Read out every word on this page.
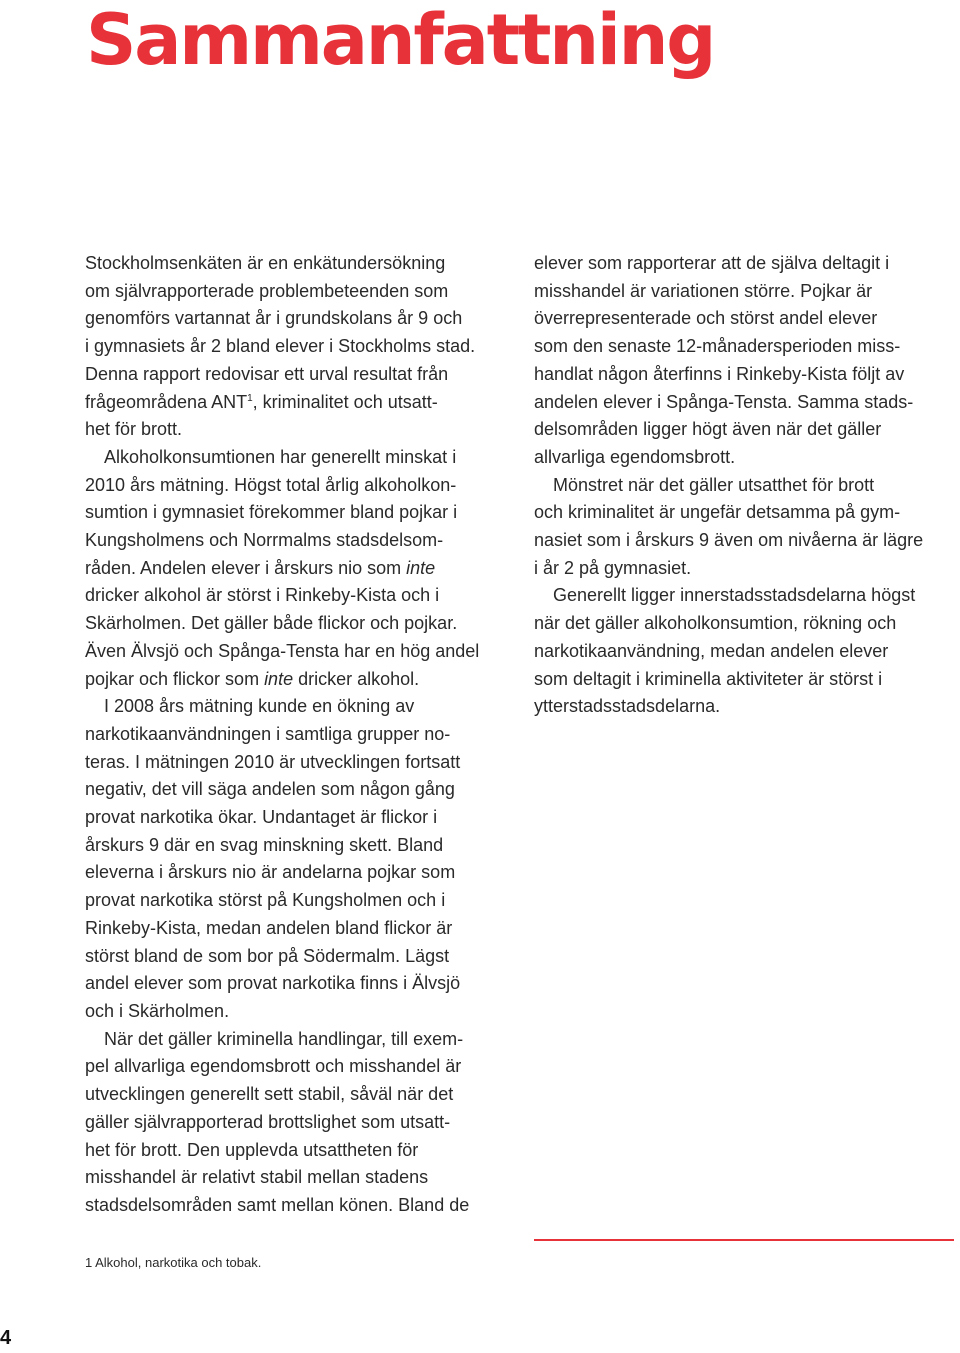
Sammanfattning

Stockholmsenkäten är en enkätundersökning
om självrapporterade problembeteenden som
genomförs vartannat år i grundskolans år 9 och
i gymnasiets år 2 bland elever i Stockholms stad.
Denna rapport redovisar ett urval resultat från
frågeområdena ANT$^1$, kriminalitet och utsatt-
het för brott.

Alkoholkonsumtionen har generellt minskat i
2010 års mätning. Högst total årlig alkoholkon-
sumtion i gymnasiet förekommer bland pojkar i
Kungsholmens och Norrmalms stadsdelsom-
råden. Andelen elever i årskurs nio som inte
dricker alkohol är störst i Rinkeby-Kista och i
Skärholmen. Det gäller både flickor och pojkar.
Även Älvsjö och Spånga-Tensta har en hög andel
pojkar och flickor som inte dricker alkohol.

I 2008 års mätning kunde en ökning av
narkotikaanvändningen i samtliga grupper no-
teras. I mätningen 2010 är utvecklingen fortsatt
negativ, det vill säga andelen som någon gång
provat narkotika ökar. Undantaget är flickor i
årskurs 9 där en svag minskning skett. Bland
eleverna i årskurs nio är andelarna pojkar som
provat narkotika störst på Kungsholmen och i
Rinkeby-Kista, medan andelen bland flickor är
störst bland de som bor på Södermalm. Lägst
andel elever som provat narkotika finns i Älvsjö
och i Skärholmen.

När det gäller kriminella handlingar, till exem-
pel allvarliga egendomsbrott och misshandel är
utvecklingen generellt sett stabil, såväl när det
gäller självrapporterad brottslighet som utsatt-
het för brott. Den upplevda utsattheten för
misshandel är relativt stabil mellan stadens
stadsdelsområden samt mellan könen. Bland de

elever som rapporterar att de själva deltagit i
misshandel är variationen större. Pojkar är
överrepresenterade och störst andel elever
som den senaste 12-månadersperioden miss-
handlat någon återfinns i Rinkeby-Kista följt av
andelen elever i Spånga-Tensta. Samma stads-
delsområden ligger högt även när det gäller
allvarliga egendomsbrott.

Mönstret när det gäller utsatthet för brott
och kriminalitet är ungefär detsamma på gym-
nasiet som i årskurs 9 även om nivåerna är lägre
i år 2 på gymnasiet.

Generellt ligger innerstadsstadsdelarna högst
när det gäller alkoholkonsumtion, rökning och
narkotikaanvändning, medan andelen elever
som deltagit i kriminella aktiviteter är störst i
ytterstadsstadsdelarna.

1 Alkohol, narkotika och tobak.
4
